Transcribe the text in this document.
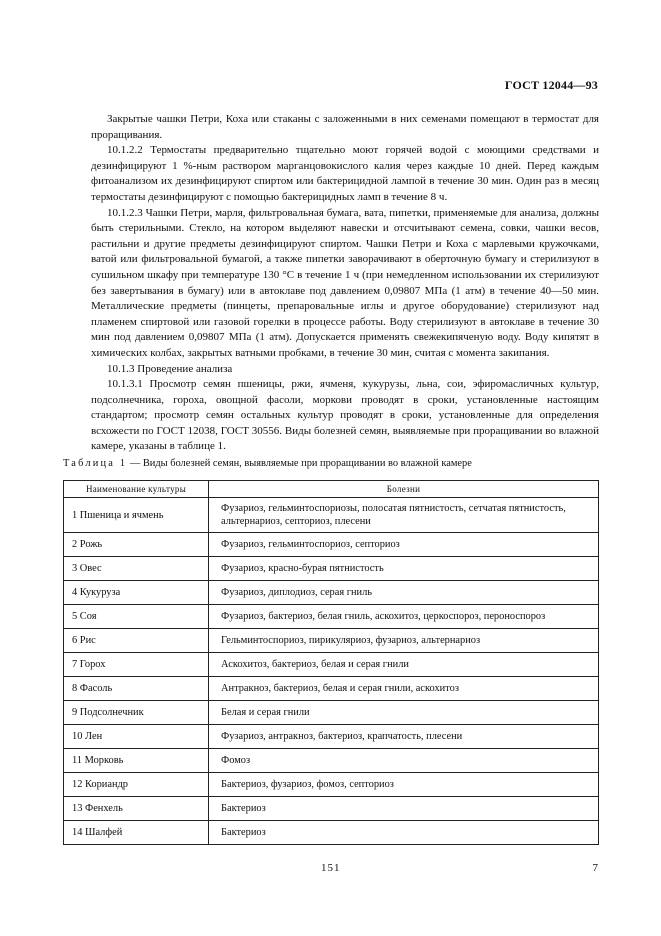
ГОСТ 12044—93

Закрытые чашки Петри, Коха или стаканы с заложенными в них семенами помещают в термостат для проращивания.

10.1.2.2 Термостаты предварительно тщательно моют горячей водой с моющими средствами и дезинфицируют 1 %-ным раствором марганцовокислого калия через каждые 10 дней. Перед каждым фитоанализом их дезинфицируют спиртом или бактерицидной лампой в течение 30 мин. Один раз в месяц термостаты дезинфицируют с помощью бактерицидных ламп в течение 8 ч.

10.1.2.3 Чашки Петри, марля, фильтровальная бумага, вата, пипетки, применяемые для анализа, должны быть стерильными. Стекло, на котором выделяют навески и отсчитывают семена, совки, чашки весов, растильни и другие предметы дезинфицируют спиртом. Чашки Петри и Коха с марлевыми кружочками, ватой или фильтровальной бумагой, а также пипетки заворачивают в оберточную бумагу и стерилизуют в сушильном шкафу при температуре 130 °С в течение 1 ч (при немедленном использовании их стерилизуют без завертывания в бумагу) или в автоклаве под давлением 0,09807 МПа (1 атм) в течение 40—50 мин. Металлические предметы (пинцеты, препаровальные иглы и другое оборудование) стерилизуют над пламенем спиртовой или газовой горелки в процессе работы. Воду стерилизуют в автоклаве в течение 30 мин под давлением 0,09807 МПа (1 атм). Допускается применять свежекипяченую воду. Воду кипятят в химических колбах, закрытых ватными пробками, в течение 30 мин, считая с момента закипания.

10.1.3 Проведение анализа

10.1.3.1 Просмотр семян пшеницы, ржи, ячменя, кукурузы, льна, сои, эфиромасличных культур, подсолнечника, гороха, овощной фасоли, моркови проводят в сроки, установленные настоящим стандартом; просмотр семян остальных культур проводят в сроки, установленные для определения всхожести по ГОСТ 12038, ГОСТ 30556. Виды болезней семян, выявляемые при проращивании во влажной камере, указаны в таблице 1.

Таблица 1 — Виды болезней семян, выявляемые при проращивании во влажной камере
Наименование культуры	Болезни
1 Пшеница и ячмень	Фузариоз, гельминтоспориозы, полосатая пятнистость, сетчатая пятнистость, альтернариоз, септориоз, плесени
2 Рожь	Фузариоз, гельминтоспориоз, септориоз
3 Овес	Фузариоз, красно-бурая пятнистость
4 Кукуруза	Фузариоз, диплодиоз, серая гниль
5 Соя	Фузариоз, бактериоз, белая гниль, аскохитоз, церкоспороз, пероноспороз
6 Рис	Гельминтоспориоз, пирикуляриоз, фузариоз, альтернариоз
7 Горох	Аскохитоз, бактериоз, белая и серая гнили
8 Фасоль	Антракноз, бактериоз, белая и серая гнили, аскохитоз
9 Подсолнечник	Белая и серая гнили
10 Лен	Фузариоз, антракноз, бактериоз, крапчатость, плесени
11 Морковь	Фомоз
12 Кориандр	Бактериоз, фузариоз, фомоз, септориоз
13 Фенхель	Бактериоз
14 Шалфей	Бактериоз
151	7
